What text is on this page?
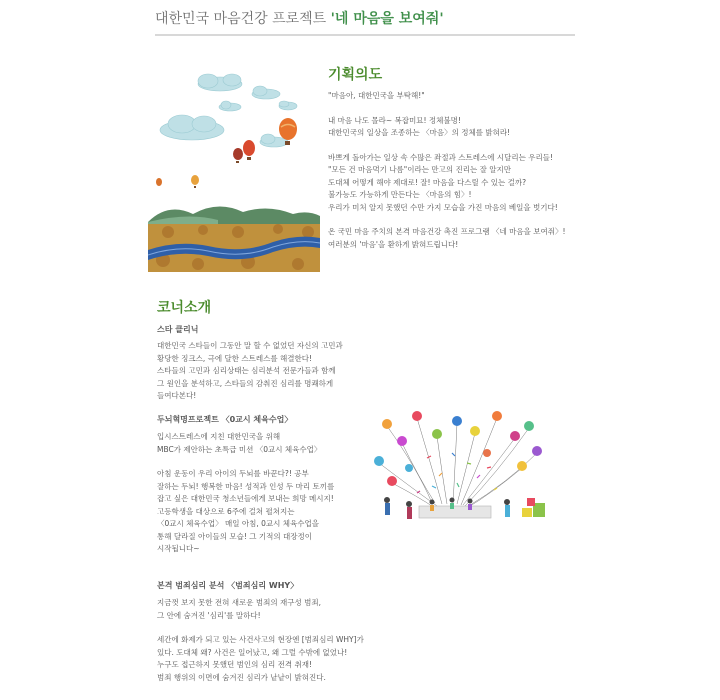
대한민국 마음건강 프로젝트 '네 마음을 보여줘'
기획의도

"마음아, 대한민국을 부탁해!"

내 마음 나도 몰라~ 복잡미묘! 정체불명!

대한민국의 일상을 조종하는 〈마음〉의 정체를 밝혀라!

바쁘게 돌아가는 일상 속 수많은 좌절과 스트레스에 시달리는 우리들!

"모든 건 마음먹기 나름"이라는 만고의 진리는 잘 알지만

도대체 어떻게 해야 제대로! 잘! 마음을 다스릴 수 있는 걸까?

불가능도 가능하게 만든다는 〈마음의 힘〉!

우리가 미처 알지 못했던 수만 가지 모습을 가진 마음의 베일을 벗기다!

온 국민 마음 주치의 본격 마음건강 촉진 프로그램 〈네 마음을 보여줘〉!

여러분의 '마음'을 환하게 밝혀드립니다!

코너소개
스타 클리닉

대한민국 스타들이 그동안 말 할 수 없었던 자신의 고민과

황당한 징크스, 극에 달한 스트레스를 해결한다!

스타들의 고민과 심리상태는 심리분석 전문가들과 함께

그 원인을 분석하고, 스타들의 감춰진 심리를 명쾌하게

들여다본다!

두뇌혁명프로젝트 〈0교시 체육수업〉

입시스트레스에 지친 대한민국을 위해

MBC가 제안하는 초특급 미션 〈0교시 체육수업〉

아침 운동이 우리 아이의 두뇌를 바꾼다?! 공부

잘하는 두뇌! 행복한 마음! 성적과 인성 두 마리 토끼를

잡고 싶은 대한민국 청소년들에게 보내는 희망 메시지!

고등학생을 대상으로 6주에 걸쳐 펼쳐지는

〈0교시 체육수업〉 매일 아침, 0교시 체육수업을

통해 달라질 아이들의 모습! 그 기적의 대장정이

시작됩니다~

본격 범죄심리 분석 〈범죄심리 WHY〉

지금껏 보지 못한 전혀 새로운 범죄의 재구성 범죄,

그 안에 숨겨진 '심리'를 말하다!

세간에 화제가 되고 있는 사건사고의 현장엔 [범죄심리 WHY]가

있다. 도대체 왜? 사건은 일어났고, 왜 그럴 수밖에 없었나!

누구도 접근하지 못했던 범인의 심리 전격 취재!

범죄 행위의 이면에 숨겨진 심리가 낱낱이 밝혀진다.
